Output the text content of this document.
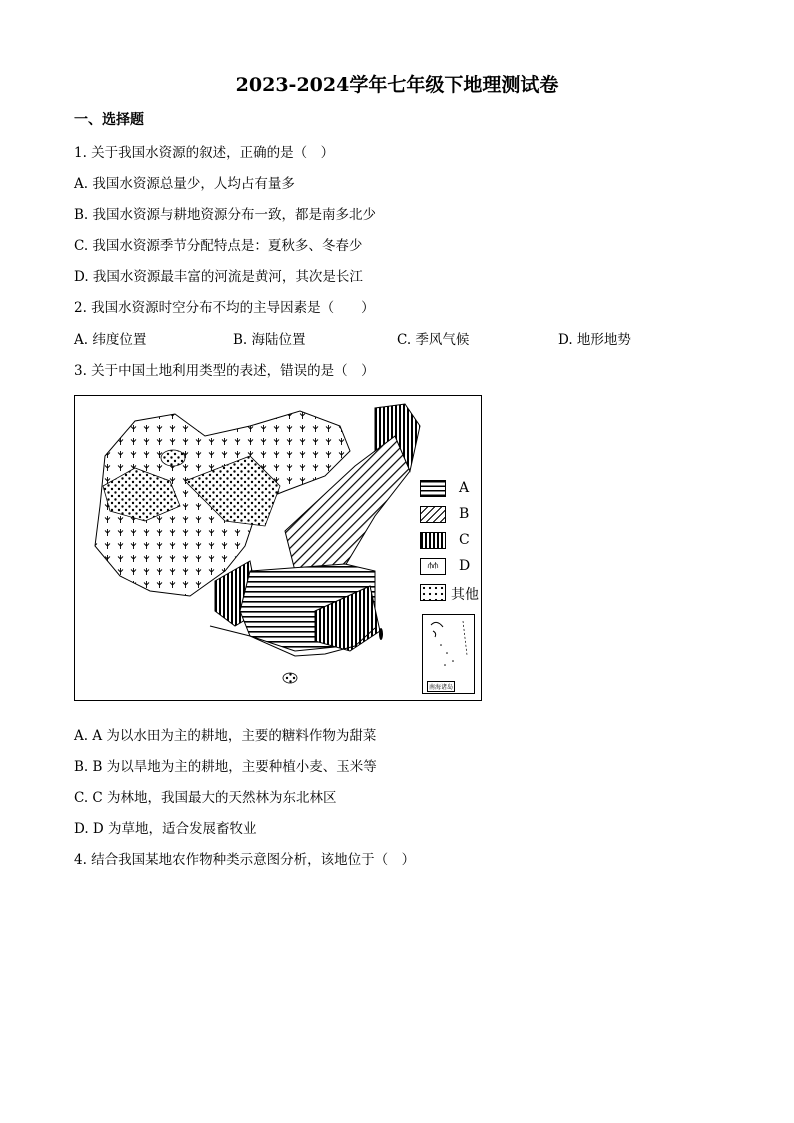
2023-2024学年七年级下地理测试卷
一、选择题
1. 关于我国水资源的叙述，正确的是（　）
A. 我国水资源总量少，人均占有量多
B. 我国水资源与耕地资源分布一致，都是南多北少
C. 我国水资源季节分配特点是：夏秋多、冬春少
D. 我国水资源最丰富的河流是黄河，其次是长江
2. 我国水资源时空分布不均的主导因素是（　　）
A. 纬度位置	B. 海陆位置	C. 季风气候	D. 地形地势
3. 关于中国土地利用类型的表述，错误的是（　）
A
B
C
⫛⫛	D
其他
南海诸岛
A. A 为以水田为主的耕地，主要的糖料作物为甜菜
B. B 为以旱地为主的耕地，主要种植小麦、玉米等
C. C 为林地，我国最大的天然林为东北林区
D. D 为草地，适合发展畜牧业
4. 结合我国某地农作物种类示意图分析，该地位于（　）
